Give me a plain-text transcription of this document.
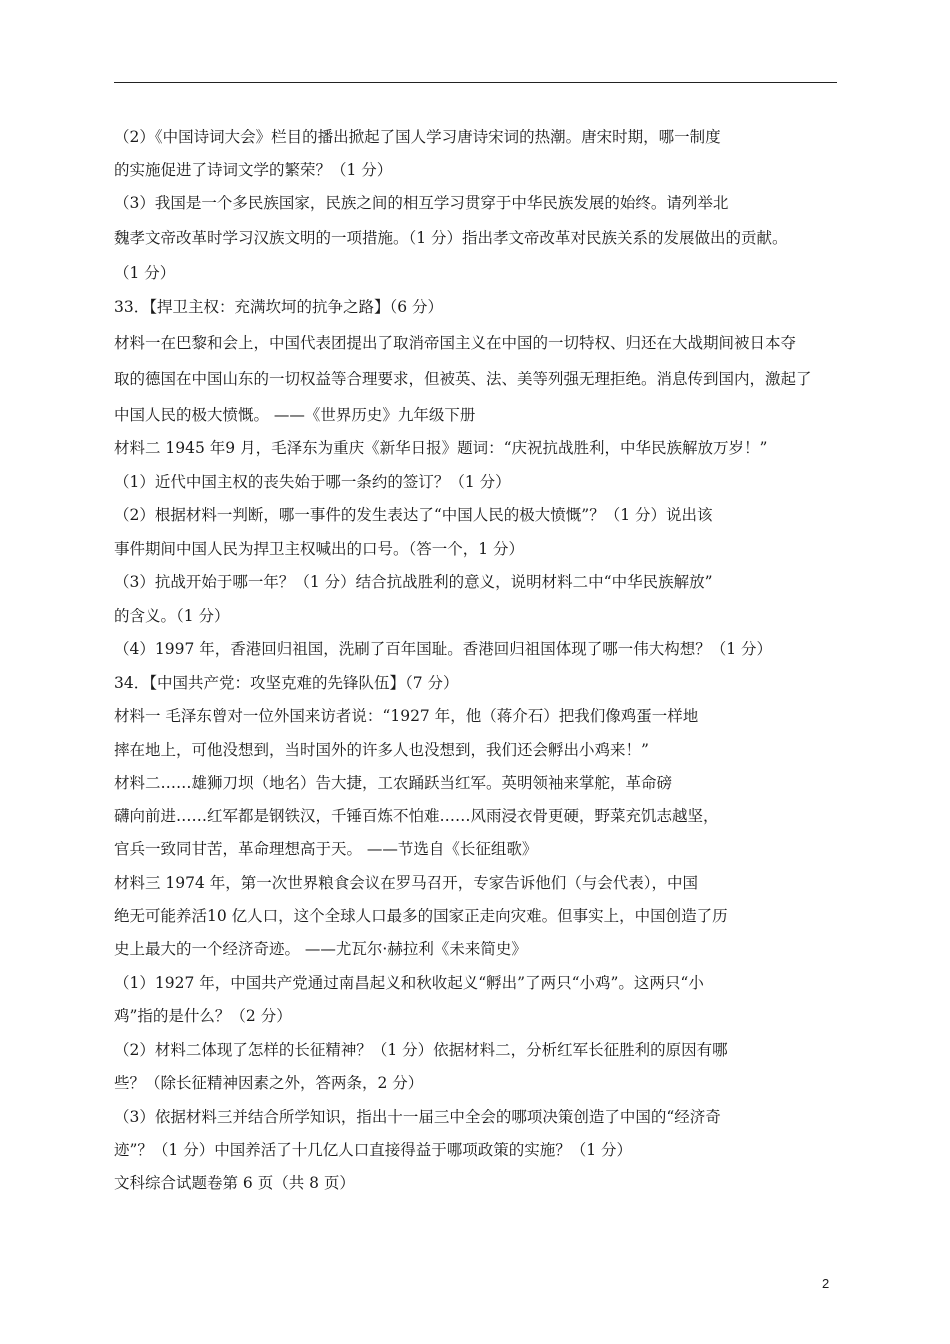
（2）《中国诗词大会》栏目的播出掀起了国人学习唐诗宋词的热潮。唐宋时期，哪一制度
的实施促进了诗词文学的繁荣？（1 分）
（3）我国是一个多民族国家，民族之间的相互学习贯穿于中华民族发展的始终。请列举北
魏孝文帝改革时学习汉族文明的一项措施。（1 分）指出孝文帝改革对民族关系的发展做出的贡献。
（1 分）
33．【捍卫主权：充满坎坷的抗争之路】（6 分）
材料一在巴黎和会上，中国代表团提出了取消帝国主义在中国的一切特权、归还在大战期间被日本夺
取的德国在中国山东的一切权益等合理要求，但被英、法、美等列强无理拒绝。消息传到国内，激起了
中国人民的极大愤慨。 ——《世界历史》九年级下册
材料二 1945 年9 月，毛泽东为重庆《新华日报》题词：“庆祝抗战胜利，中华民族解放万岁！”
（1）近代中国主权的丧失始于哪一条约的签订？（1 分）
（2）根据材料一判断，哪一事件的发生表达了“中国人民的极大愤慨”？（1 分）说出该
事件期间中国人民为捍卫主权喊出的口号。（答一个，1 分）
（3）抗战开始于哪一年？（1 分）结合抗战胜利的意义，说明材料二中“中华民族解放”
的含义。（1 分）
（4）1997 年，香港回归祖国，洗刷了百年国耻。香港回归祖国体现了哪一伟大构想？（1 分）
34．【中国共产党：攻坚克难的先锋队伍】（7 分）
材料一 毛泽东曾对一位外国来访者说：“1927 年，他（蒋介石）把我们像鸡蛋一样地
摔在地上，可他没想到，当时国外的许多人也没想到，我们还会孵出小鸡来！”
材料二……雄狮刀坝（地名）告大捷，工农踊跃当红军。英明领袖来掌舵，革命磅
礴向前进……红军都是钢铁汉，千锤百炼不怕难……风雨浸衣骨更硬，野菜充饥志越坚，
官兵一致同甘苦，革命理想高于天。 ——节选自《长征组歌》
材料三 1974 年，第一次世界粮食会议在罗马召开，专家告诉他们（与会代表），中国
绝无可能养活10 亿人口，这个全球人口最多的国家正走向灾难。但事实上，中国创造了历
史上最大的一个经济奇迹。 ——尤瓦尔·赫拉利《未来简史》
（1）1927 年，中国共产党通过南昌起义和秋收起义“孵出”了两只“小鸡”。这两只“小
鸡”指的是什么？（2 分）
（2）材料二体现了怎样的长征精神？（1 分）依据材料二，分析红军长征胜利的原因有哪
些？（除长征精神因素之外，答两条，2 分）
（3）依据材料三并结合所学知识，指出十一届三中全会的哪项决策创造了中国的“经济奇
迹”？（1 分）中国养活了十几亿人口直接得益于哪项政策的实施？（1 分）
文科综合试题卷第 6 页（共 8 页）
2
